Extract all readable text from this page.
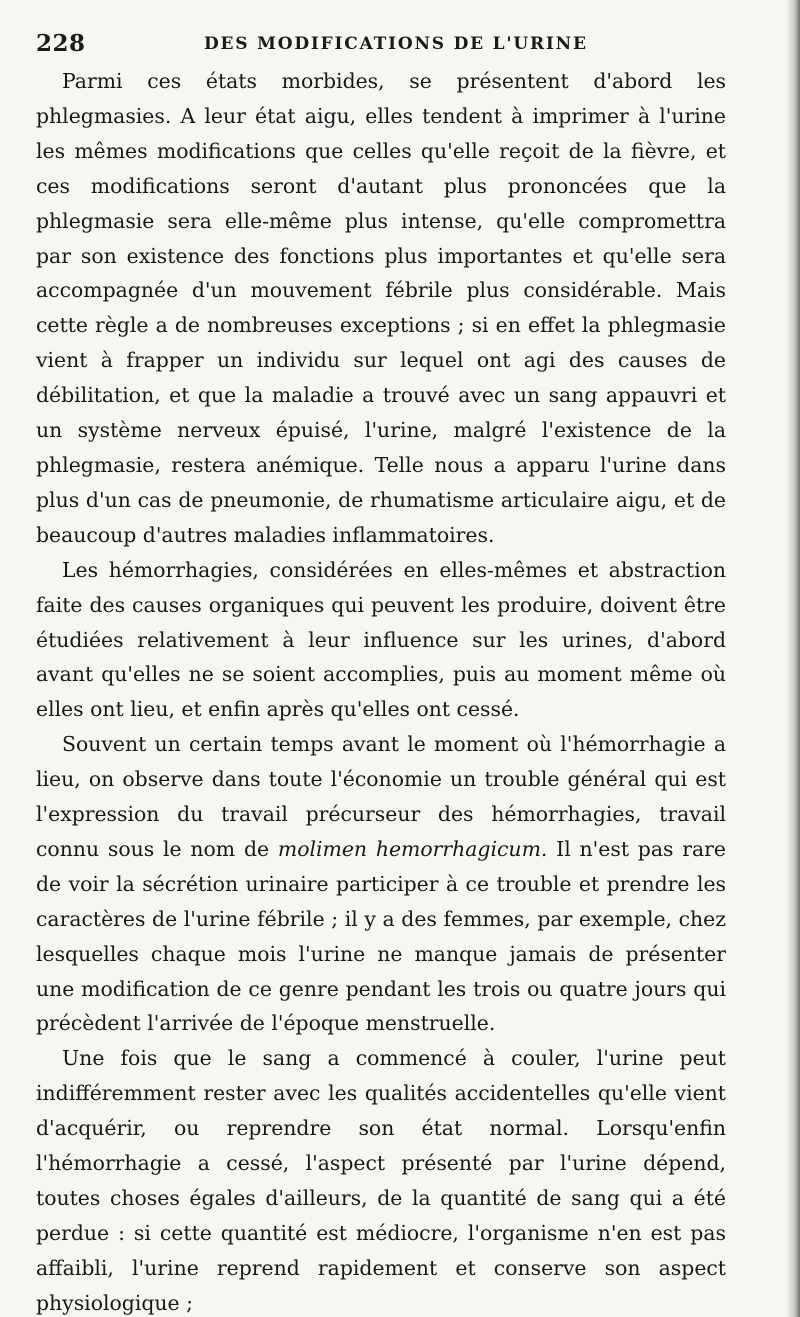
228	DES MODIFICATIONS DE L'URINE

Parmi ces états morbides, se présentent d'abord les phlegmasies. A leur état aigu, elles tendent à imprimer à l'urine les mêmes modifications que celles qu'elle reçoit de la fièvre, et ces modifications seront d'autant plus prononcées que la phlegmasie sera elle-même plus intense, qu'elle compromettra par son existence des fonctions plus importantes et qu'elle sera accompagnée d'un mouvement fébrile plus considérable. Mais cette règle a de nombreuses exceptions ; si en effet la phlegmasie vient à frapper un individu sur lequel ont agi des causes de débilitation, et que la maladie a trouvé avec un sang appauvri et un système nerveux épuisé, l'urine, malgré l'existence de la phlegmasie, restera anémique. Telle nous a apparu l'urine dans plus d'un cas de pneumonie, de rhumatisme articulaire aigu, et de beaucoup d'autres maladies inflammatoires.

Les hémorrhagies, considérées en elles-mêmes et abstraction faite des causes organiques qui peuvent les produire, doivent être étudiées relativement à leur influence sur les urines, d'abord avant qu'elles ne se soient accomplies, puis au moment même où elles ont lieu, et enfin après qu'elles ont cessé.

Souvent un certain temps avant le moment où l'hémorrhagie a lieu, on observe dans toute l'économie un trouble général qui est l'expression du travail précurseur des hémorrhagies, travail connu sous le nom de molimen hemorrhagicum. Il n'est pas rare de voir la sécrétion urinaire participer à ce trouble et prendre les caractères de l'urine fébrile ; il y a des femmes, par exemple, chez lesquelles chaque mois l'urine ne manque jamais de présenter une modification de ce genre pendant les trois ou quatre jours qui précèdent l'arrivée de l'époque menstruelle.

Une fois que le sang a commencé à couler, l'urine peut indifféremment rester avec les qualités accidentelles qu'elle vient d'acquérir, ou reprendre son état normal. Lorsqu'enfin l'hémorrhagie a cessé, l'aspect présenté par l'urine dépend, toutes choses égales d'ailleurs, de la quantité de sang qui a été perdue : si cette quantité est médiocre, l'organisme n'en est pas affaibli, l'urine reprend rapidement et conserve son aspect physiologique ;
